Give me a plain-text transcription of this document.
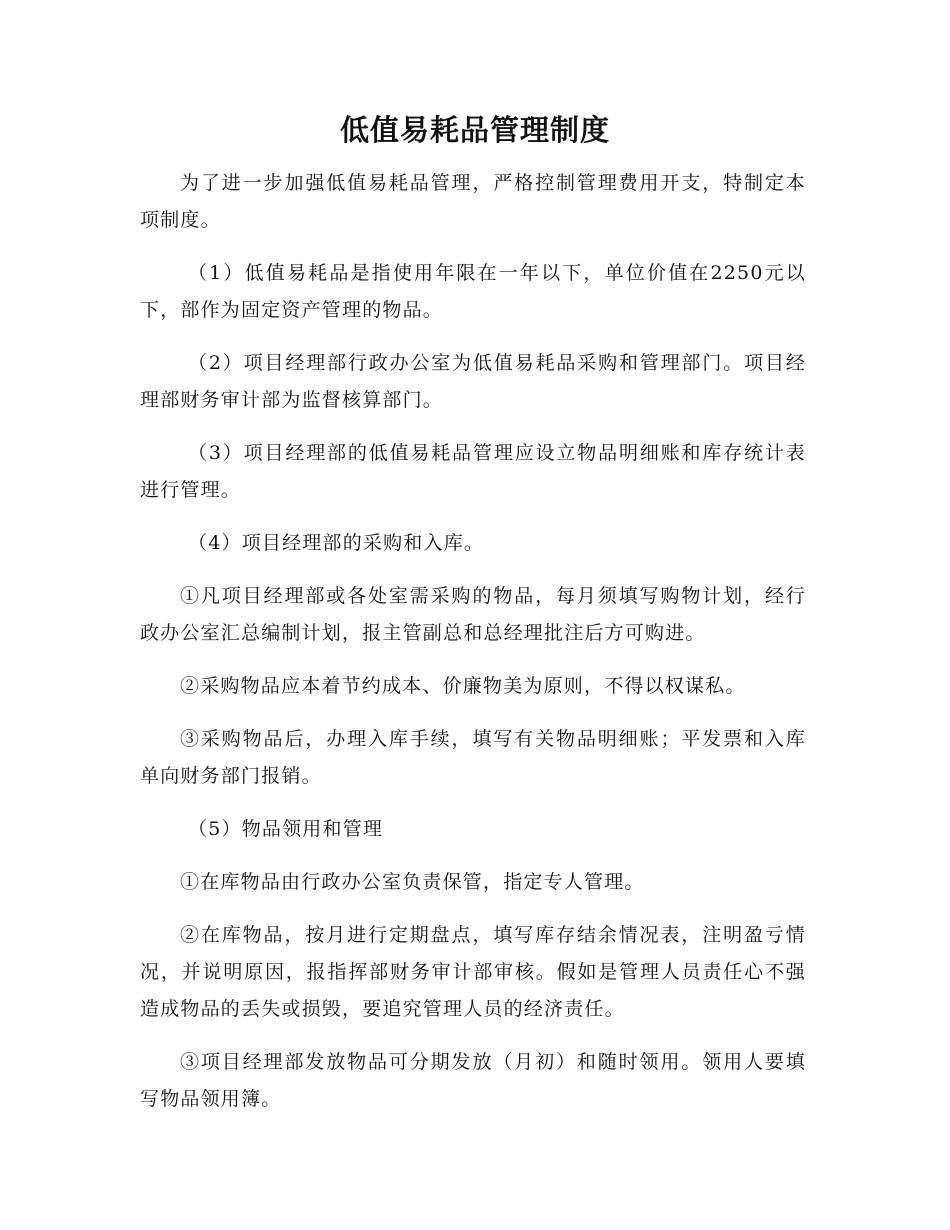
低值易耗品管理制度

为了进一步加强低值易耗品管理，严格控制管理费用开支，特制定本项制度。

（1）低值易耗品是指使用年限在一年以下，单位价值在2250元以下，部作为固定资产管理的物品。

（2）项目经理部行政办公室为低值易耗品采购和管理部门。项目经理部财务审计部为监督核算部门。

（3）项目经理部的低值易耗品管理应设立物品明细账和库存统计表进行管理。

（4）项目经理部的采购和入库。

①凡项目经理部或各处室需采购的物品，每月须填写购物计划，经行政办公室汇总编制计划，报主管副总和总经理批注后方可购进。

②采购物品应本着节约成本、价廉物美为原则，不得以权谋私。

③采购物品后，办理入库手续，填写有关物品明细账；平发票和入库单向财务部门报销。

（5）物品领用和管理

①在库物品由行政办公室负责保管，指定专人管理。

②在库物品，按月进行定期盘点，填写库存结余情况表，注明盈亏情况，并说明原因，报指挥部财务审计部审核。假如是管理人员责任心不强造成物品的丢失或损毁，要追究管理人员的经济责任。

③项目经理部发放物品可分期发放（月初）和随时领用。领用人要填写物品领用簿。
